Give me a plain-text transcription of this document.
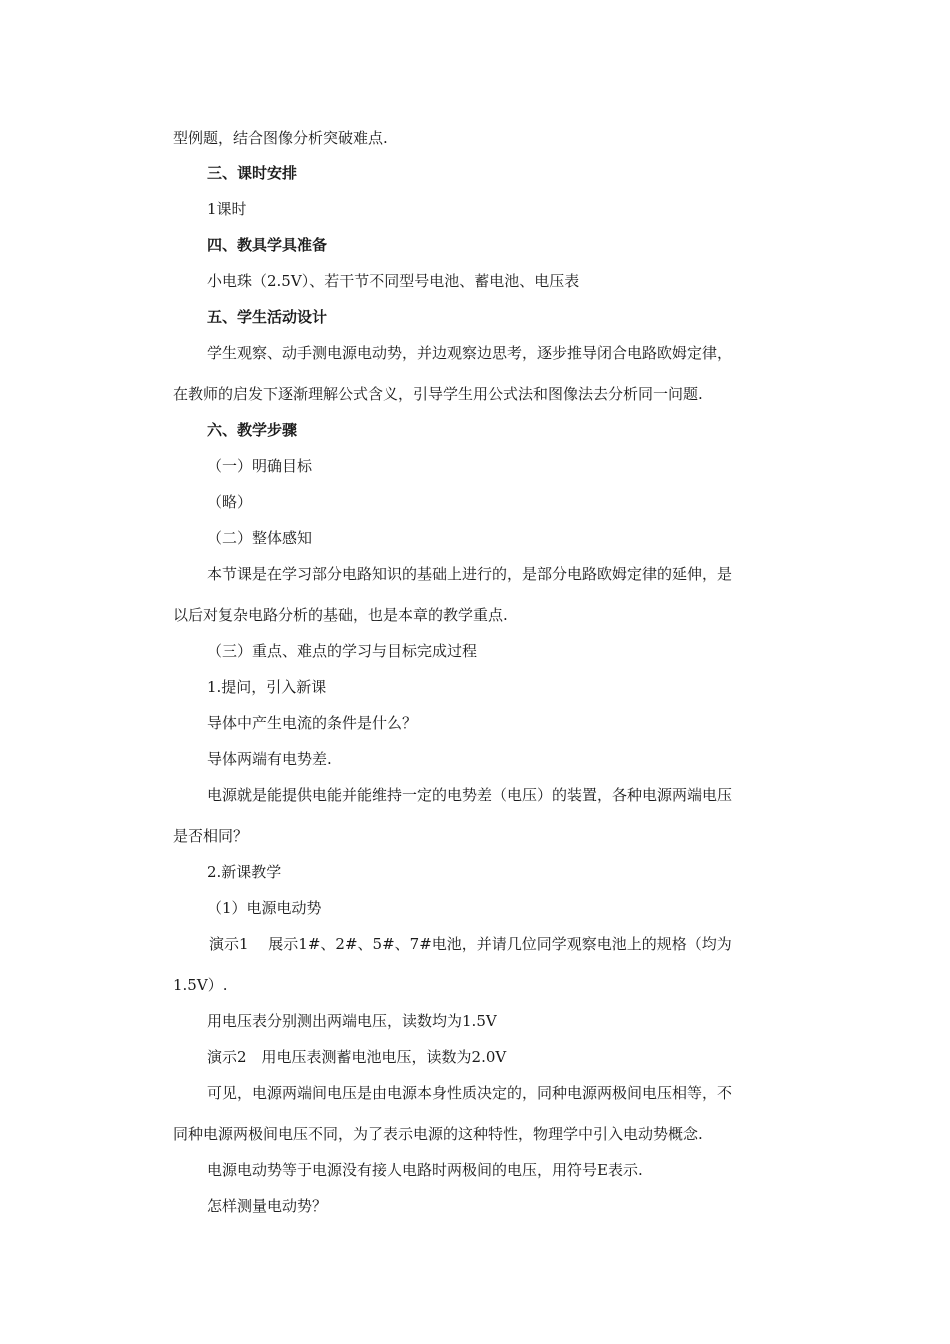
型例题，结合图像分析突破难点.
三、课时安排
1课时
四、教具学具准备
小电珠（2.5V）、若干节不同型号电池、蓄电池、电压表
五、学生活动设计
学生观察、动手测电源电动势，并边观察边思考，逐步推导闭合电路欧姆定律，
在教师的启发下逐渐理解公式含义，引导学生用公式法和图像法去分析同一问题.
六、教学步骤
（一）明确目标
（略）
（二）整体感知
本节课是在学习部分电路知识的基础上进行的，是部分电路欧姆定律的延伸，是
以后对复杂电路分析的基础，也是本章的教学重点.
（三）重点、难点的学习与目标完成过程
1.提问，引入新课
导体中产生电流的条件是什么？
导体两端有电势差.
电源就是能提供电能并能维持一定的电势差（电压）的装置，各种电源两端电压
是否相同？
2.新课教学
（1）电源电动势
演示1　 展示1#、2#、5#、7#电池，并请几位同学观察电池上的规格（均为
1.5V）.
用电压表分别测出两端电压，读数均为1.5V
演示2　用电压表测蓄电池电压，读数为2.0V
可见，电源两端间电压是由电源本身性质决定的，同种电源两极间电压相等，不
同种电源两极间电压不同，为了表示电源的这种特性，物理学中引入电动势概念.
电源电动势等于电源没有接人电路时两极间的电压，用符号E表示.
怎样测量电动势？
